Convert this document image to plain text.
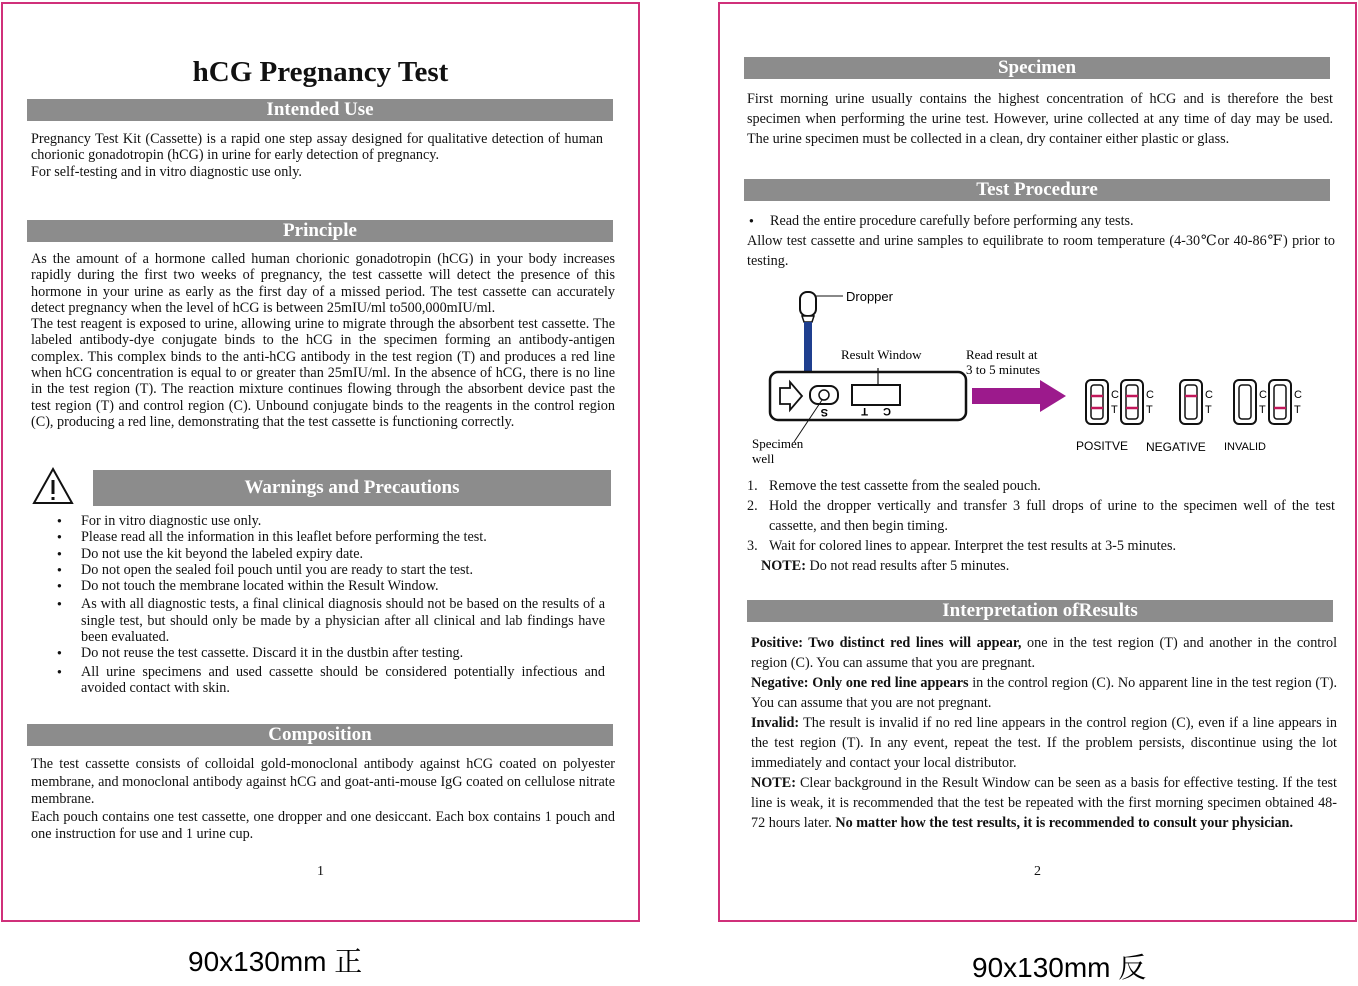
hCG Pregnancy Test
Intended Use

Pregnancy Test Kit (Cassette) is a rapid one step assay designed for qualitative detection of human chorionic gonadotropin (hCG) in urine for early detection of pregnancy.

For self-testing and in vitro diagnostic use only.

Principle

As the amount of a hormone called human chorionic gonadotropin (hCG) in your body increases rapidly during the first two weeks of pregnancy, the test cassette will detect the presence of this hormone in your urine as early as the first day of a missed period. The test cassette can accurately detect pregnancy when the level of hCG is between 25mIU/ml to500,000mIU/ml.

The test reagent is exposed to urine, allowing urine to migrate through the absorbent test cassette. The labeled antibody-dye conjugate binds to the hCG in the specimen forming an antibody-antigen complex. This complex binds to the anti-hCG antibody in the test region (T) and produces a red line when hCG concentration is equal to or greater than 25mIU/ml. In the absence of hCG, there is no line in the test region (T). The reaction mixture continues flowing through the absorbent device past the test region (T) and control region (C). Unbound conjugate binds to the reagents in the control region (C), producing a red line, demonstrating that the test cassette is functioning correctly.

Warnings and Precautions
● For in vitro diagnostic use only.
● Please read all the information in this leaflet before performing the test.
● Do not use the kit beyond the labeled expiry date.
● Do not open the sealed foil pouch until you are ready to start the test.
● Do not touch the membrane located within the Result Window.
● As with all diagnostic tests, a final clinical diagnosis should not be based on the results of a single test, but should only be made by a physician after all clinical and lab findings have been evaluated.
● Do not reuse the test cassette. Discard it in the dustbin after testing.
● All urine specimens and used cassette should be considered potentially infectious and avoided contact with skin.
Composition

The test cassette consists of colloidal gold-monoclonal antibody against hCG coated on polyester membrane, and monoclonal antibody against hCG and goat-anti-mouse IgG coated on cellulose nitrate membrane.

Each pouch contains one test cassette, one dropper and one desiccant. Each box contains 1 pouch and one instruction for use and 1 urine cup.

1
Specimen
First morning urine usually contains the highest concentration of hCG and is therefore the best specimen when performing the urine test. However, urine collected at any time of day may be used. The urine specimen must be collected in a clean, dry container either plastic or glass.
Test Procedure

● Read the entire procedure carefully before performing any tests.

Allow test cassette and urine samples to equilibrate to room temperature (4-30℃or 40-86℉) prior to testing.

Dropper
S	C
T
Result Window
Specimen
well
Read result at
3 to 5 minutes
C
T
C
T
C
T
C
T
C
T
POSITVE NEGATIVE INVALID
1. Remove the test cassette from the sealed pouch.
2. Hold the dropper vertically and transfer 3 full drops of urine to the specimen well of the test cassette, and then begin timing.
3. Wait for colored lines to appear. Interpret the test results at 3-5 minutes.
NOTE: Do not read results after 5 minutes.
Interpretation ofResults

Positive: Two distinct red lines will appear, one in the test region (T) and another in the control region (C). You can assume that you are pregnant.

Negative: Only one red line appears in the control region (C). No apparent line in the test region (T). You can assume that you are not pregnant.

Invalid: The result is invalid if no red line appears in the control region (C), even if a line appears in the test region (T). In any event, repeat the test. If the problem persists, discontinue using the lot immediately and contact your local distributor.

NOTE: Clear background in the Result Window can be seen as a basis for effective testing. If the test line is weak, it is recommended that the test be repeated with the first morning specimen obtained 48-72 hours later. No matter how the test results, it is recommended to consult your physician.

2
90x130mm 正	90x130mm 反
